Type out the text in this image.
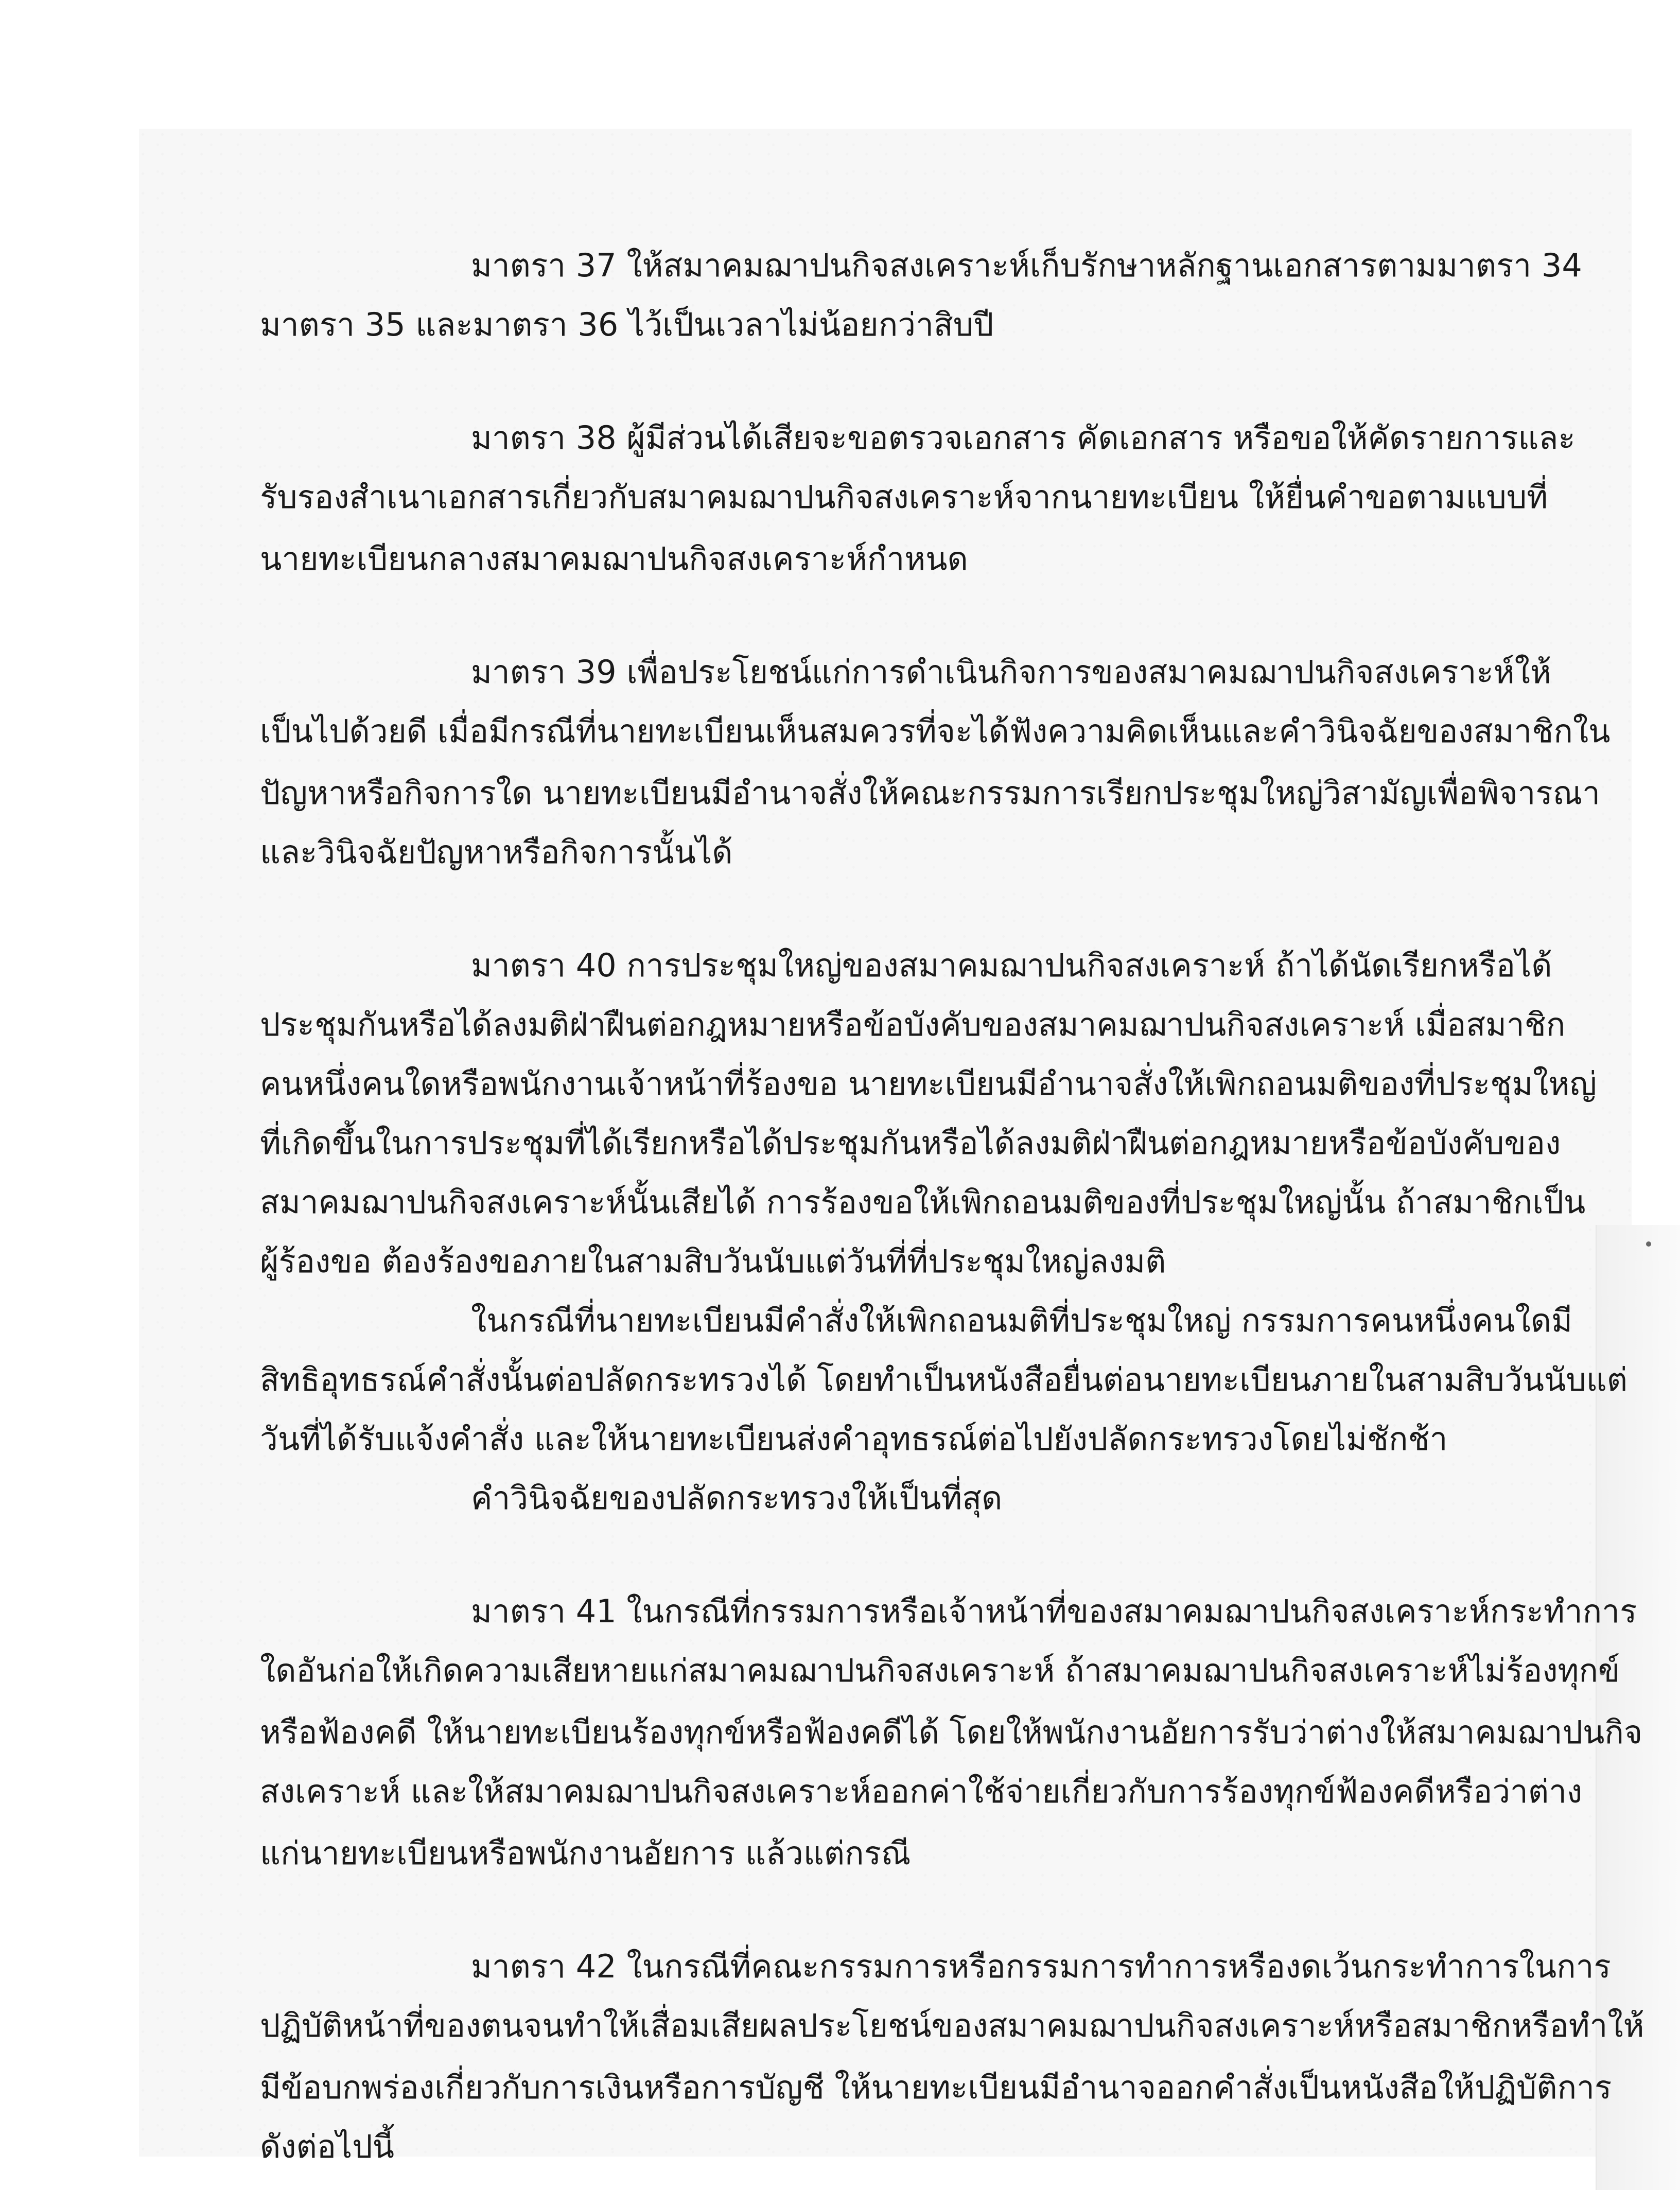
มาตรา 37 ให้สมาคมฌาปนกิจสงเคราะห์เก็บรักษาหลักฐานเอกสารตามมาตรา 34
มาตรา 35 และมาตรา 36 ไว้เป็นเวลาไม่น้อยกว่าสิบปี
มาตรา 38 ผู้มีส่วนได้เสียจะขอตรวจเอกสาร คัดเอกสาร หรือขอให้คัดรายการและ
รับรองสำเนาเอกสารเกี่ยวกับสมาคมฌาปนกิจสงเคราะห์จากนายทะเบียน ให้ยื่นคำขอตามแบบที่
นายทะเบียนกลางสมาคมฌาปนกิจสงเคราะห์กำหนด
มาตรา 39 เพื่อประโยชน์แก่การดำเนินกิจการของสมาคมฌาปนกิจสงเคราะห์ให้
เป็นไปด้วยดี เมื่อมีกรณีที่นายทะเบียนเห็นสมควรที่จะได้ฟังความคิดเห็นและคำวินิจฉัยของสมาชิกใน
ปัญหาหรือกิจการใด นายทะเบียนมีอำนาจสั่งให้คณะกรรมการเรียกประชุมใหญ่วิสามัญเพื่อพิจารณา
และวินิจฉัยปัญหาหรือกิจการนั้นได้
มาตรา 40 การประชุมใหญ่ของสมาคมฌาปนกิจสงเคราะห์ ถ้าได้นัดเรียกหรือได้
ประชุมกันหรือได้ลงมติฝ่าฝืนต่อกฎหมายหรือข้อบังคับของสมาคมฌาปนกิจสงเคราะห์ เมื่อสมาชิก
คนหนึ่งคนใดหรือพนักงานเจ้าหน้าที่ร้องขอ นายทะเบียนมีอำนาจสั่งให้เพิกถอนมติของที่ประชุมใหญ่
ที่เกิดขึ้นในการประชุมที่ได้เรียกหรือได้ประชุมกันหรือได้ลงมติฝ่าฝืนต่อกฎหมายหรือข้อบังคับของ
สมาคมฌาปนกิจสงเคราะห์นั้นเสียได้ การร้องขอให้เพิกถอนมติของที่ประชุมใหญ่นั้น ถ้าสมาชิกเป็น
ผู้ร้องขอ ต้องร้องขอภายในสามสิบวันนับแต่วันที่ที่ประชุมใหญ่ลงมติ
ในกรณีที่นายทะเบียนมีคำสั่งให้เพิกถอนมติที่ประชุมใหญ่ กรรมการคนหนึ่งคนใดมี
สิทธิอุทธรณ์คำสั่งนั้นต่อปลัดกระทรวงได้ โดยทำเป็นหนังสือยื่นต่อนายทะเบียนภายในสามสิบวันนับแต่
วันที่ได้รับแจ้งคำสั่ง และให้นายทะเบียนส่งคำอุทธรณ์ต่อไปยังปลัดกระทรวงโดยไม่ชักช้า
คำวินิจฉัยของปลัดกระทรวงให้เป็นที่สุด
มาตรา 41 ในกรณีที่กรรมการหรือเจ้าหน้าที่ของสมาคมฌาปนกิจสงเคราะห์กระทำการ
ใดอันก่อให้เกิดความเสียหายแก่สมาคมฌาปนกิจสงเคราะห์ ถ้าสมาคมฌาปนกิจสงเคราะห์ไม่ร้องทุกข์
หรือฟ้องคดี ให้นายทะเบียนร้องทุกข์หรือฟ้องคดีได้ โดยให้พนักงานอัยการรับว่าต่างให้สมาคมฌาปนกิจ
สงเคราะห์ และให้สมาคมฌาปนกิจสงเคราะห์ออกค่าใช้จ่ายเกี่ยวกับการร้องทุกข์ฟ้องคดีหรือว่าต่าง
แก่นายทะเบียนหรือพนักงานอัยการ แล้วแต่กรณี
มาตรา 42 ในกรณีที่คณะกรรมการหรือกรรมการทำการหรืองดเว้นกระทำการในการ
ปฏิบัติหน้าที่ของตนจนทำให้เสื่อมเสียผลประโยชน์ของสมาคมฌาปนกิจสงเคราะห์หรือสมาชิกหรือทำให้
มีข้อบกพร่องเกี่ยวกับการเงินหรือการบัญชี ให้นายทะเบียนมีอำนาจออกคำสั่งเป็นหนังสือให้ปฏิบัติการ
ดังต่อไปนี้
